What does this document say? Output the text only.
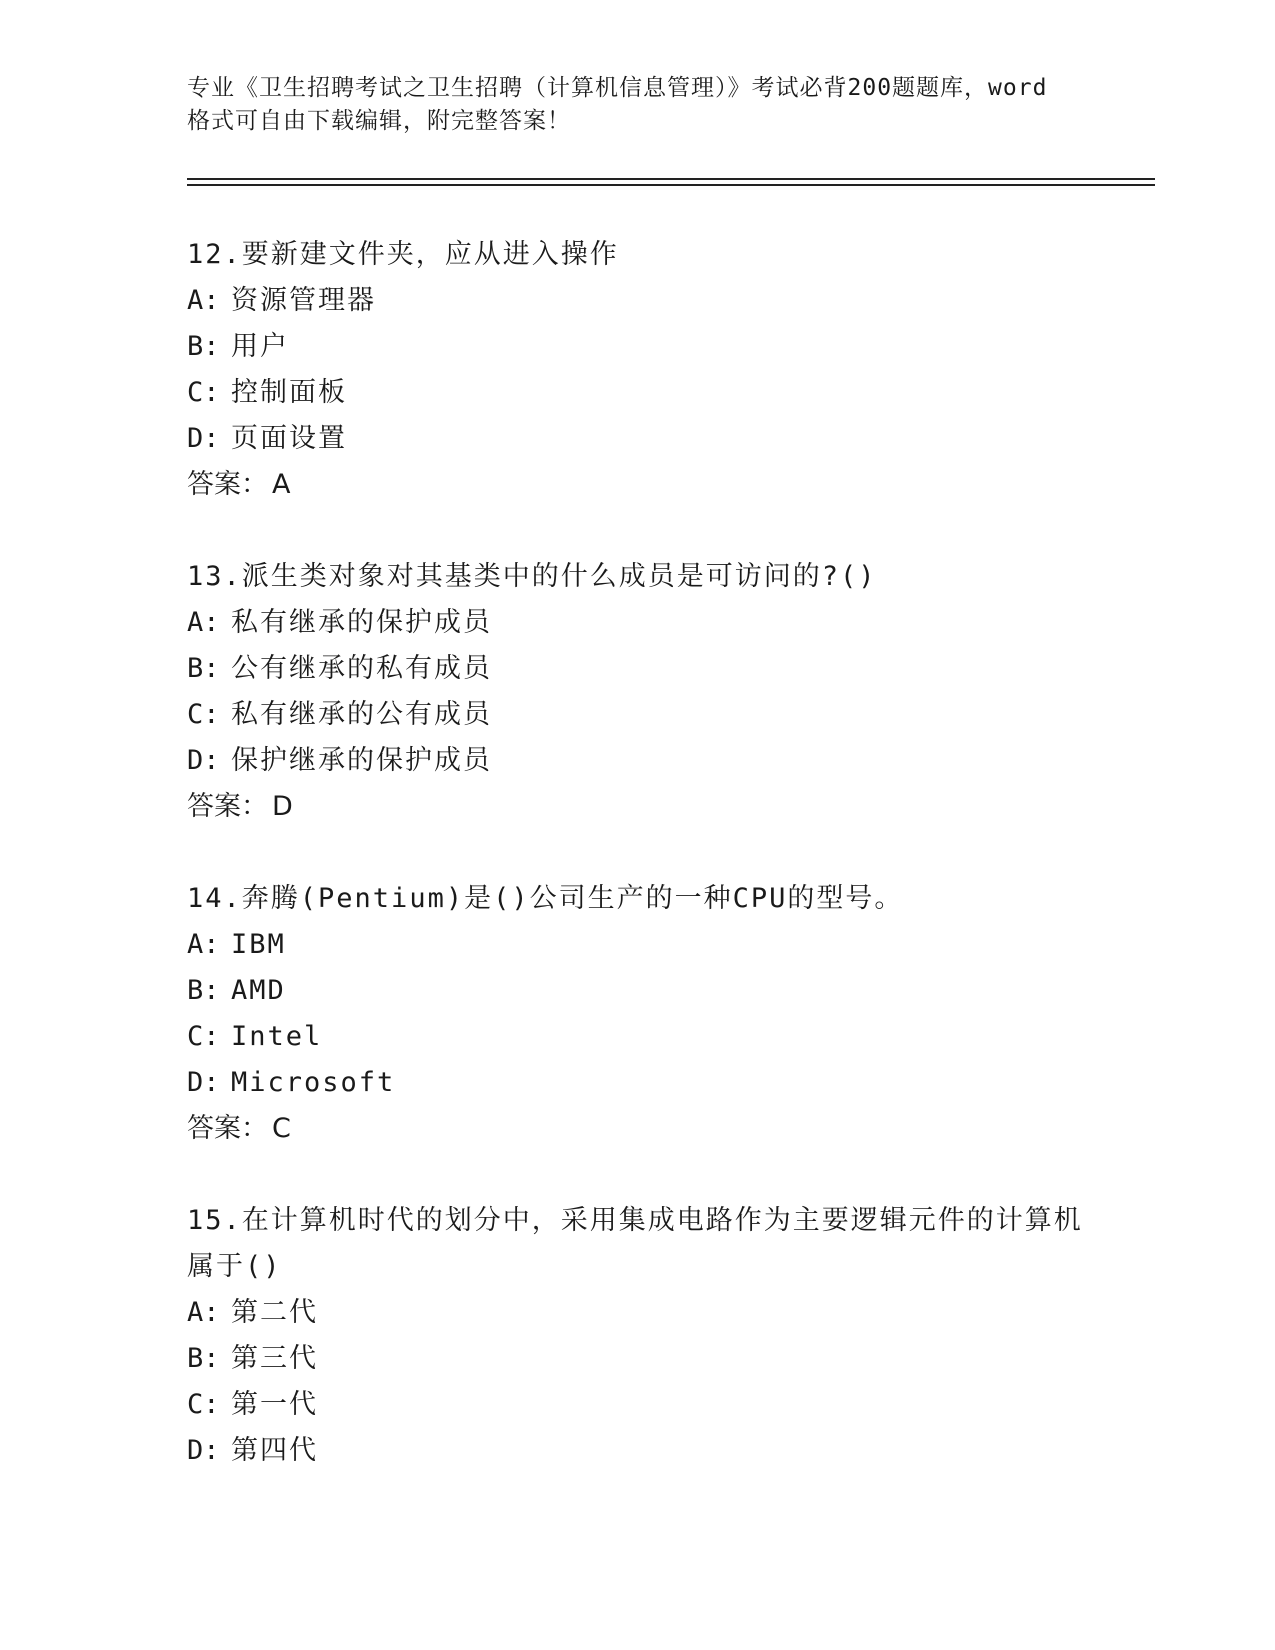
专业《卫生招聘考试之卫生招聘（计算机信息管理）》考试必背200题题库，word
格式可自由下载编辑，附完整答案！
12.要新建文件夹，应从进入操作
A: 资源管理器
B: 用户
C: 控制面板
D: 页面设置
答案： A
13.派生类对象对其基类中的什么成员是可访问的?()
A: 私有继承的保护成员
B: 公有继承的私有成员
C: 私有继承的公有成员
D: 保护继承的保护成员
答案： D
14.奔腾(Pentium)是()公司生产的一种CPU的型号。
A: IBM
B: AMD
C: Intel
D: Microsoft
答案： C
15.在计算机时代的划分中，采用集成电路作为主要逻辑元件的计算机属于()
A: 第二代
B: 第三代
C: 第一代
D: 第四代
